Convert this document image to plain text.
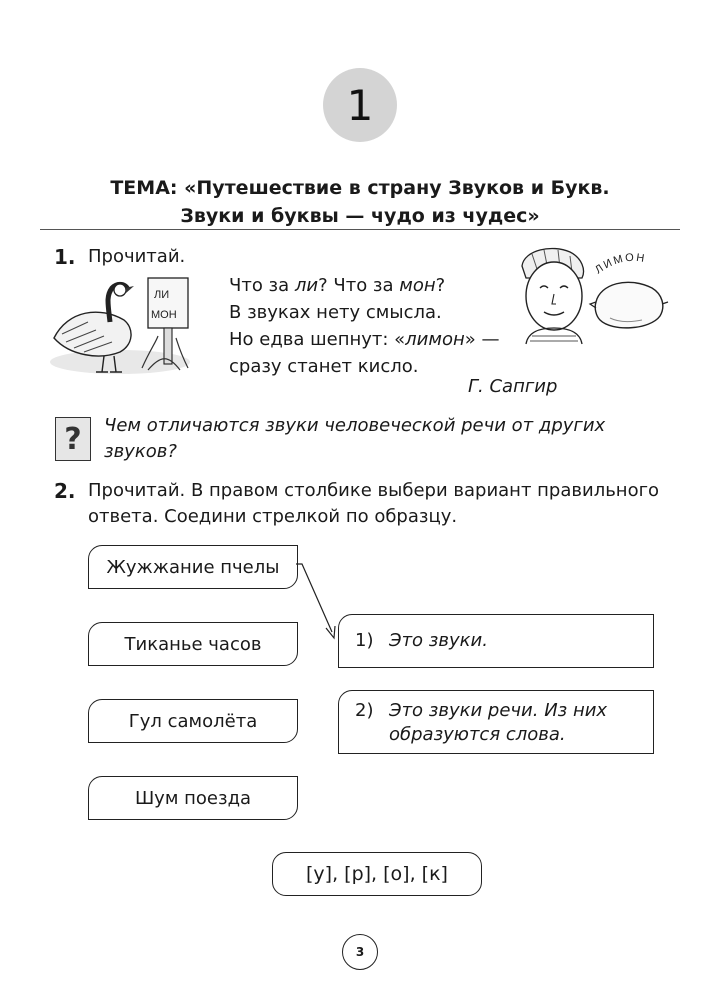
1
ТЕМА: «Путешествие в страну Звуков и Букв.
Звуки и буквы — чудо из чудес»
1. Прочитай.
ЛИ
МОН
Что за ли? Что за мон?
В звуках нету смысла.
Но едва шепнут: «лимон» —
сразу станет кисло.
Г. Сапгир
ЛИМОН
?	Чем отличаются звуки человеческой речи от других
звуков?
2. Прочитай. В правом столбике выбери вариант правильного
ответа. Соедини стрелкой по образцу.
Жужжание пчелы
Тиканье часов
Гул самолёта
Шум поезда
1) Это звуки.
2) Это звуки речи. Из них
образуются слова.
[у], [р], [о], [к]
3
